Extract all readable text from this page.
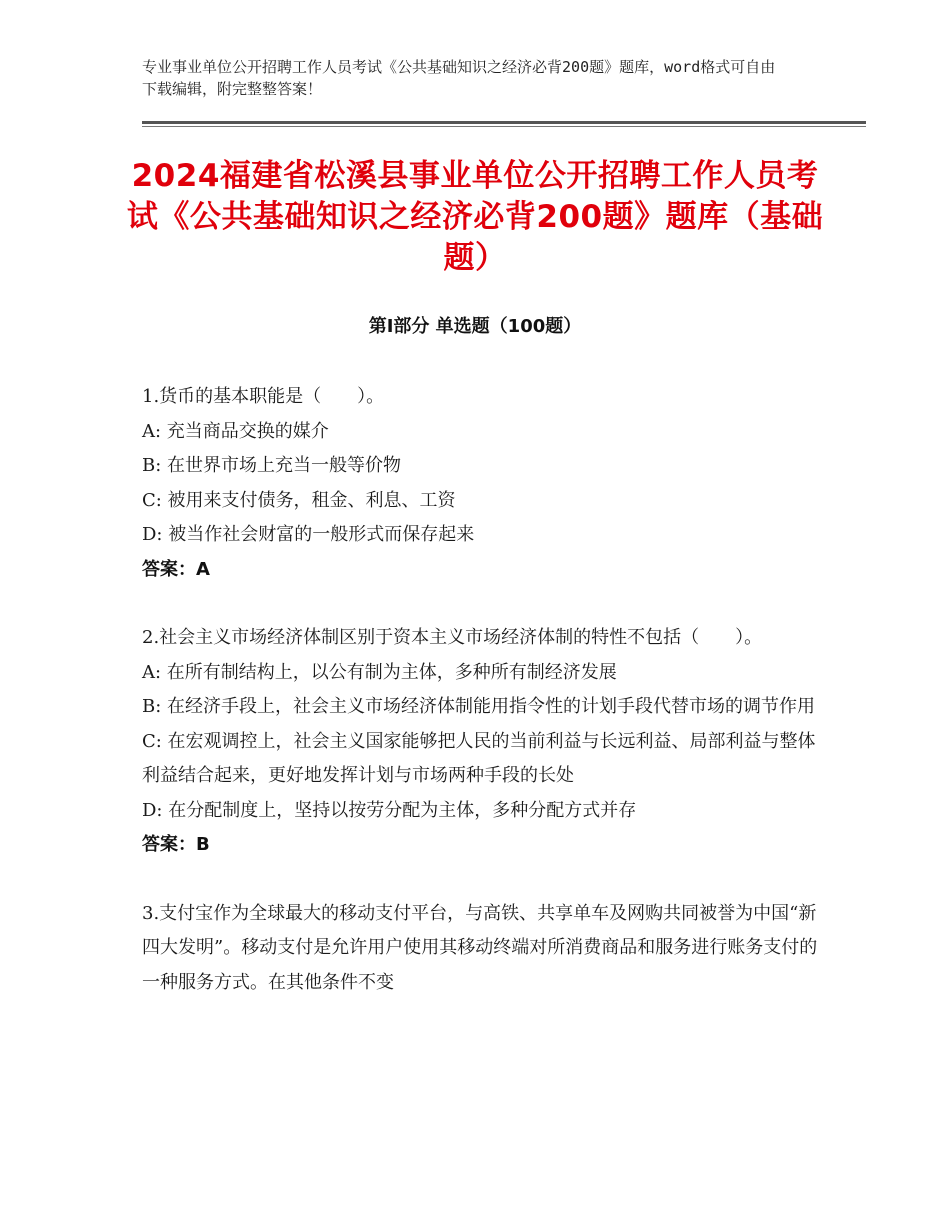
专业事业单位公开招聘工作人员考试《公共基础知识之经济必背200题》题库，word格式可自由下载编辑，附完整整答案！

2024福建省松溪县事业单位公开招聘工作人员考试《公共基础知识之经济必背200题》题库（基础题）
第I部分 单选题（100题）

1.货币的基本职能是（　　）。

A: 充当商品交换的媒介

B: 在世界市场上充当一般等价物

C: 被用来支付债务，租金、利息、工资

D: 被当作社会财富的一般形式而保存起来

答案：A

2.社会主义市场经济体制区别于资本主义市场经济体制的特性不包括（　　）。

A: 在所有制结构上，以公有制为主体，多种所有制经济发展

B: 在经济手段上，社会主义市场经济体制能用指令性的计划手段代替市场的调节作用

C: 在宏观调控上，社会主义国家能够把人民的当前利益与长远利益、局部利益与整体利益结合起来，更好地发挥计划与市场两种手段的长处

D: 在分配制度上，坚持以按劳分配为主体，多种分配方式并存

答案：B

3.支付宝作为全球最大的移动支付平台，与高铁、共享单车及网购共同被誉为中国“新四大发明”。移动支付是允许用户使用其移动终端对所消费商品和服务进行账务支付的一种服务方式。在其他条件不变
